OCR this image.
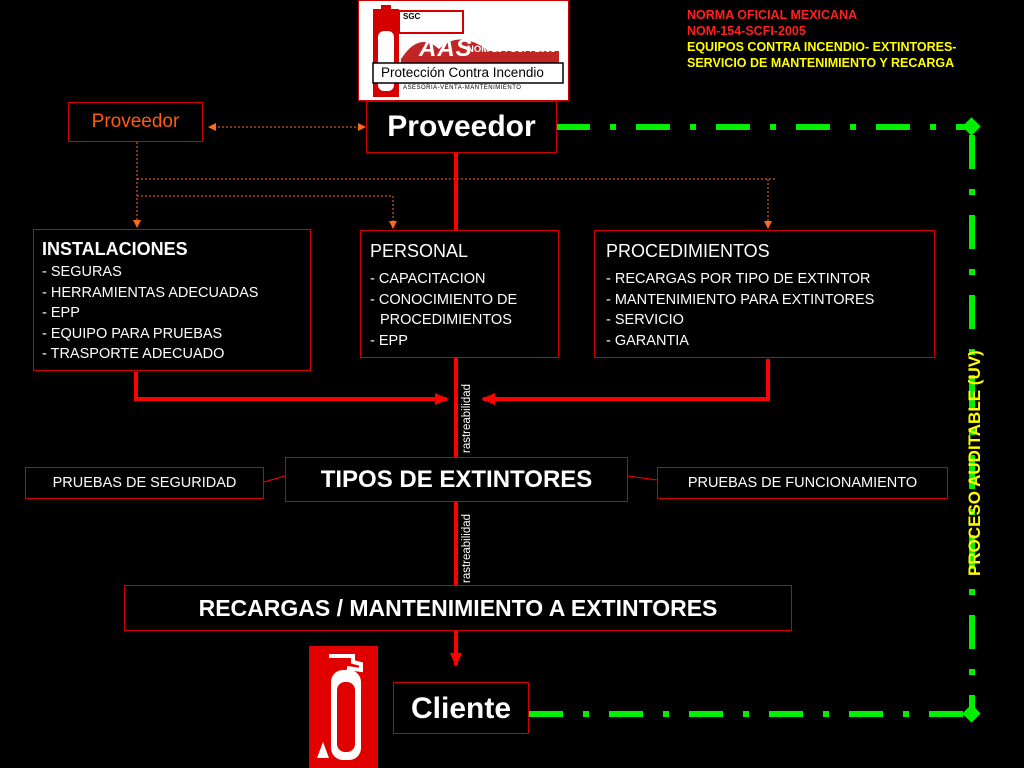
SGC
AAS
NOM 154 SCFI 2005
Protección Contra Incendio
ASESORIA-VENTA-MANTENIMIENTO
NORMA OFICIAL MEXICANA
NOM-154-SCFI-2005
EQUIPOS CONTRA INCENDIO- EXTINTORES-
SERVICIO DE MANTENIMIENTO Y RECARGA
Proveedor	Proveedor
INSTALACIONES
- SEGURAS
- HERRAMIENTAS ADECUADAS
- EPP
- EQUIPO PARA PRUEBAS
- TRASPORTE ADECUADO
PERSONAL
- CAPACITACION
- CONOCIMIENTO DE
PROCEDIMIENTOS
- EPP
PROCEDIMIENTOS
- RECARGAS POR TIPO DE EXTINTOR
- MANTENIMIENTO PARA EXTINTORES
- SERVICIO
- GARANTIA
rastreabilidad
rastreabilidad
PRUEBAS DE SEGURIDAD	TIPOS DE EXTINTORES	PRUEBAS DE FUNCIONAMIENTO
RECARGAS / MANTENIMIENTO A EXTINTORES
Cliente
PROCESO AUDITABLE (UV)
